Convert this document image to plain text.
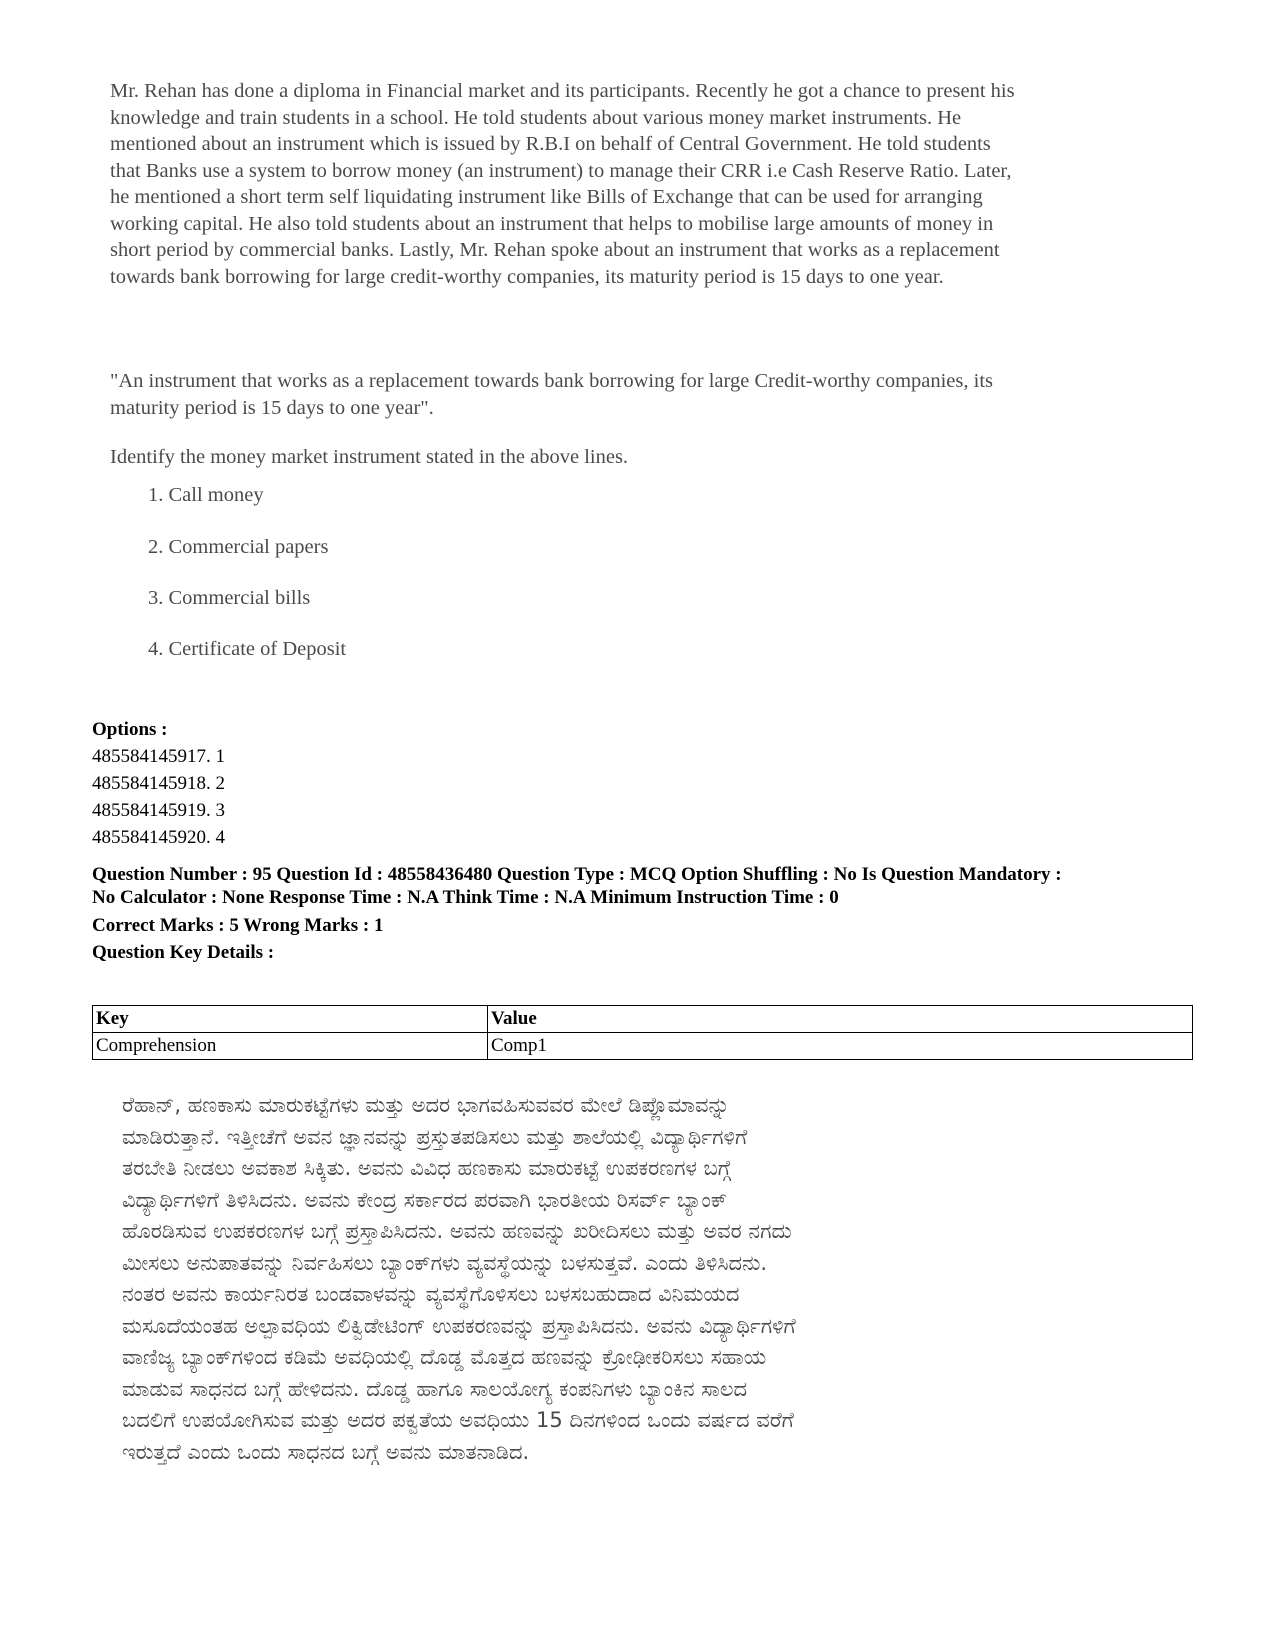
Mr. Rehan has done a diploma in Financial market and its participants. Recently he got a chance to present his

knowledge and train students in a school. He told students about various money market instruments. He

mentioned about an instrument which is issued by R.B.I on behalf of Central Government. He told students

that Banks use a system to borrow money (an instrument) to manage their CRR i.e Cash Reserve Ratio. Later,

he mentioned a short term self liquidating instrument like Bills of Exchange that can be used for arranging

working capital. He also told students about an instrument that helps to mobilise large amounts of money in

short period by commercial banks. Lastly, Mr. Rehan spoke about an instrument that works as a replacement

towards bank borrowing for large credit-worthy companies, its maturity period is 15 days to one year.

"An instrument that works as a replacement towards bank borrowing for large Credit-worthy companies, its
maturity period is 15 days to one year".
Identify the money market instrument stated in the above lines.
1. Call money
2. Commercial papers
3. Commercial bills
4. Certificate of Deposit
Options :
485584145917. 1
485584145918. 2
485584145919. 3
485584145920. 4
Question Number : 95 Question Id : 48558436480 Question Type : MCQ Option Shuffling : No Is Question Mandatory :
No Calculator : None Response Time : N.A Think Time : N.A Minimum Instruction Time : 0
Correct Marks : 5 Wrong Marks : 1
Question Key Details :
Key	Value
Comprehension	Comp1

ರೆಹಾನ್, ಹಣಕಾಸು ಮಾರುಕಟ್ಟೆಗಳು ಮತ್ತು ಅದರ ಭಾಗವಹಿಸುವವರ ಮೇಲೆ ಡಿಪ್ಲೊಮಾವನ್ನು

ಮಾಡಿರುತ್ತಾನೆ. ಇತ್ತೀಚೆಗೆ ಅವನ ಜ್ಞಾನವನ್ನು ಪ್ರಸ್ತುತಪಡಿಸಲು ಮತ್ತು ಶಾಲೆಯಲ್ಲಿ ವಿದ್ಯಾರ್ಥಿಗಳಿಗೆ

ತರಬೇತಿ ನೀಡಲು ಅವಕಾಶ ಸಿಕ್ಕಿತು. ಅವನು ವಿವಿಧ ಹಣಕಾಸು ಮಾರುಕಟ್ಟೆ ಉಪಕರಣಗಳ ಬಗ್ಗೆ

ವಿದ್ಯಾರ್ಥಿಗಳಿಗೆ ತಿಳಿಸಿದನು. ಅವನು ಕೇಂದ್ರ ಸರ್ಕಾರದ ಪರವಾಗಿ ಭಾರತೀಯ ರಿಸರ್ವ್ ಬ್ಯಾಂಕ್

ಹೊರಡಿಸುವ ಉಪಕರಣಗಳ ಬಗ್ಗೆ ಪ್ರಸ್ತಾಪಿಸಿದನು. ಅವನು ಹಣವನ್ನು ಖರೀದಿಸಲು ಮತ್ತು ಅವರ ನಗದು

ಮೀಸಲು ಅನುಪಾತವನ್ನು ನಿರ್ವಹಿಸಲು ಬ್ಯಾಂಕ್‌ಗಳು ವ್ಯವಸ್ಥೆಯನ್ನು ಬಳಸುತ್ತವೆ. ಎಂದು ತಿಳಿಸಿದನು.

ನಂತರ ಅವನು ಕಾರ್ಯನಿರತ ಬಂಡವಾಳವನ್ನು ವ್ಯವಸ್ಥೆಗೊಳಿಸಲು ಬಳಸಬಹುದಾದ ವಿನಿಮಯದ

ಮಸೂದೆಯಂತಹ ಅಲ್ಪಾವಧಿಯ ಲಿಕ್ವಿಡೇಟಿಂಗ್ ಉಪಕರಣವನ್ನು ಪ್ರಸ್ತಾಪಿಸಿದನು. ಅವನು ವಿದ್ಯಾರ್ಥಿಗಳಿಗೆ

ವಾಣಿಜ್ಯ ಬ್ಯಾಂಕ್‌ಗಳಿಂದ ಕಡಿಮೆ ಅವಧಿಯಲ್ಲಿ ದೊಡ್ಡ ಮೊತ್ತದ ಹಣವನ್ನು ಕ್ರೋಢೀಕರಿಸಲು ಸಹಾಯ

ಮಾಡುವ ಸಾಧನದ ಬಗ್ಗೆ ಹೇಳಿದನು. ದೊಡ್ಡ ಹಾಗೂ ಸಾಲಯೋಗ್ಯ ಕಂಪನಿಗಳು ಬ್ಯಾಂಕಿನ ಸಾಲದ

ಬದಲಿಗೆ ಉಪಯೋಗಿಸುವ ಮತ್ತು ಅದರ ಪಕ್ವತೆಯ ಅವಧಿಯು 15 ದಿನಗಳಿಂದ ಒಂದು ವರ್ಷದ ವರೆಗೆ

ಇರುತ್ತದೆ ಎಂದು ಒಂದು ಸಾಧನದ ಬಗ್ಗೆ ಅವನು ಮಾತನಾಡಿದ.
